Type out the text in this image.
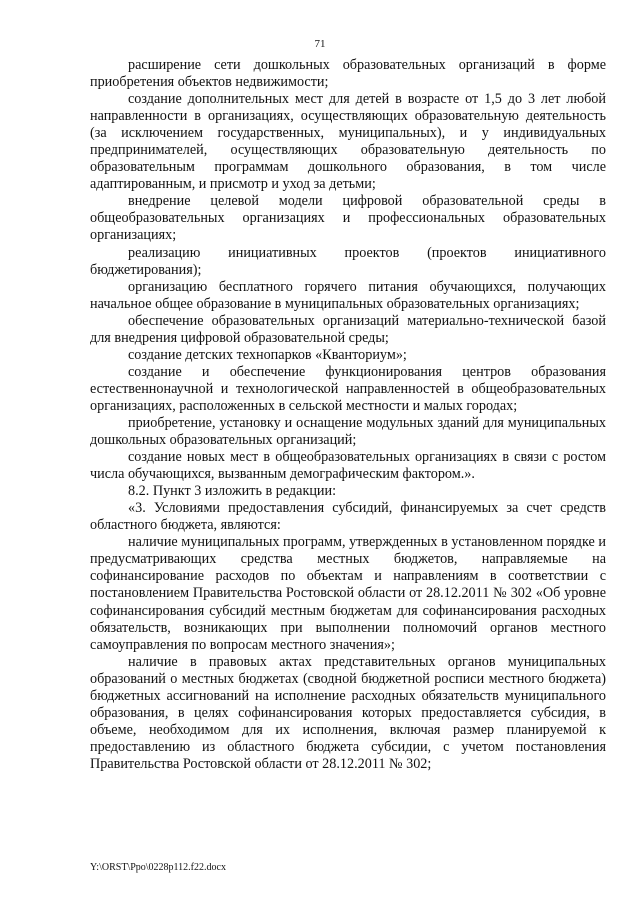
71

расширение сети дошкольных образовательных организаций в форме приобретения объектов недвижимости;

создание дополнительных мест для детей в возрасте от 1,5 до 3 лет любой направленности в организациях, осуществляющих образовательную деятельность (за исключением государственных, муниципальных), и у индивидуальных предпринимателей, осуществляющих образовательную деятельность по образовательным программам дошкольного образования, в том числе адаптированным, и присмотр и уход за детьми;

внедрение целевой модели цифровой образовательной среды в общеобразовательных организациях и профессиональных образовательных организациях;

реализацию инициативных проектов (проектов инициативного бюджетирования);

организацию бесплатного горячего питания обучающихся, получающих начальное общее образование в муниципальных образовательных организациях;

обеспечение образовательных организаций материально-технической базой для внедрения цифровой образовательной среды;

создание детских технопарков «Кванториум»;

создание и обеспечение функционирования центров образования естественнонаучной и технологической направленностей в общеобразовательных организациях, расположенных в сельской местности и малых городах;

приобретение, установку и оснащение модульных зданий для муниципальных дошкольных образовательных организаций;

создание новых мест в общеобразовательных организациях в связи с ростом числа обучающихся, вызванным демографическим фактором.».

8.2. Пункт 3 изложить в редакции:

«3. Условиями предоставления субсидий, финансируемых за счет средств областного бюджета, являются:

наличие муниципальных программ, утвержденных в установленном порядке и предусматривающих средства местных бюджетов, направляемые на софинансирование расходов по объектам и направлениям в соответствии с постановлением Правительства Ростовской области от 28.12.2011 № 302 «Об уровне софинансирования субсидий местным бюджетам для софинансирования расходных обязательств, возникающих при выполнении полномочий органов местного самоуправления по вопросам местного значения»;

наличие в правовых актах представительных органов муниципальных образований о местных бюджетах (сводной бюджетной росписи местного бюджета) бюджетных ассигнований на исполнение расходных обязательств муниципального образования, в целях софинансирования которых предоставляется субсидия, в объеме, необходимом для их исполнения, включая размер планируемой к предоставлению из областного бюджета субсидии, с учетом постановления Правительства Ростовской области от 28.12.2011 № 302;

Y:\ORST\Ppo\0228p112.f22.docx
